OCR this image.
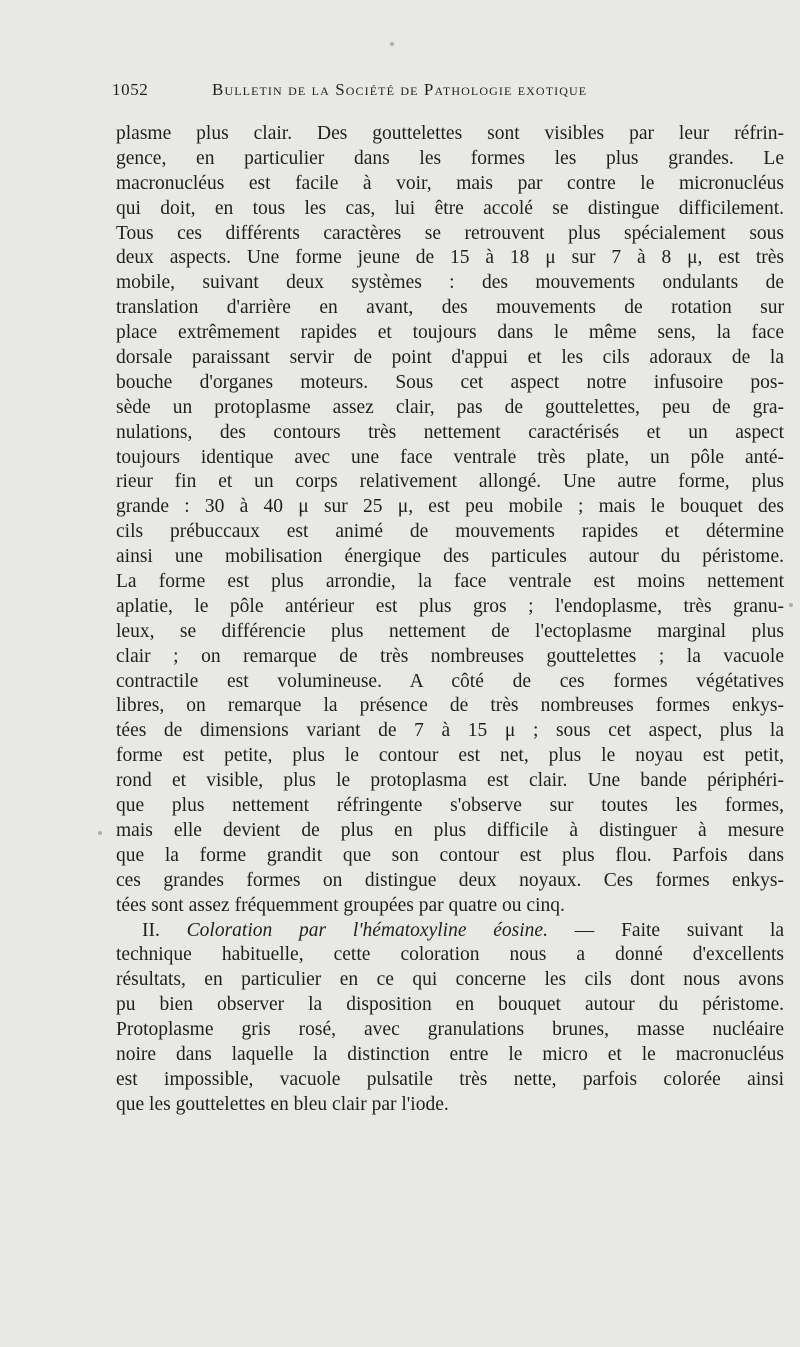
1052	Bulletin de la Société de Pathologie exotique
plasme plus clair. Des gouttelettes sont visibles par leur réfrin-
gence, en particulier dans les formes les plus grandes. Le
macronucléus est facile à voir, mais par contre le micronucléus
qui doit, en tous les cas, lui être accolé se distingue difficilement.
Tous ces différents caractères se retrouvent plus spécialement sous
deux aspects. Une forme jeune de 15 à 18 μ sur 7 à 8 μ, est très
mobile, suivant deux systèmes : des mouvements ondulants de
translation d'arrière en avant, des mouvements de rotation sur
place extrêmement rapides et toujours dans le même sens, la face
dorsale paraissant servir de point d'appui et les cils adoraux de la
bouche d'organes moteurs. Sous cet aspect notre infusoire pos-
sède un protoplasme assez clair, pas de gouttelettes, peu de gra-
nulations, des contours très nettement caractérisés et un aspect
toujours identique avec une face ventrale très plate, un pôle anté-
rieur fin et un corps relativement allongé. Une autre forme, plus
grande : 30 à 40 μ sur 25 μ, est peu mobile ; mais le bouquet des
cils prébuccaux est animé de mouvements rapides et détermine
ainsi une mobilisation énergique des particules autour du péristome.
La forme est plus arrondie, la face ventrale est moins nettement
aplatie, le pôle antérieur est plus gros ; l'endoplasme, très granu-
leux, se différencie plus nettement de l'ectoplasme marginal plus
clair ; on remarque de très nombreuses gouttelettes ; la vacuole
contractile est volumineuse. A côté de ces formes végétatives
libres, on remarque la présence de très nombreuses formes enkys-
tées de dimensions variant de 7 à 15 μ ; sous cet aspect, plus la
forme est petite, plus le contour est net, plus le noyau est petit,
rond et visible, plus le protoplasma est clair. Une bande périphéri-
que plus nettement réfringente s'observe sur toutes les formes,
mais elle devient de plus en plus difficile à distinguer à mesure
que la forme grandit que son contour est plus flou. Parfois dans
ces grandes formes on distingue deux noyaux. Ces formes enkys-
tées sont assez fréquemment groupées par quatre ou cinq.
II. Coloration par l'hématoxyline éosine. — Faite suivant la
technique habituelle, cette coloration nous a donné d'excellents
résultats, en particulier en ce qui concerne les cils dont nous avons
pu bien observer la disposition en bouquet autour du péristome.
Protoplasme gris rosé, avec granulations brunes, masse nucléaire
noire dans laquelle la distinction entre le micro et le macronucléus
est impossible, vacuole pulsatile très nette, parfois colorée ainsi
que les gouttelettes en bleu clair par l'iode.
